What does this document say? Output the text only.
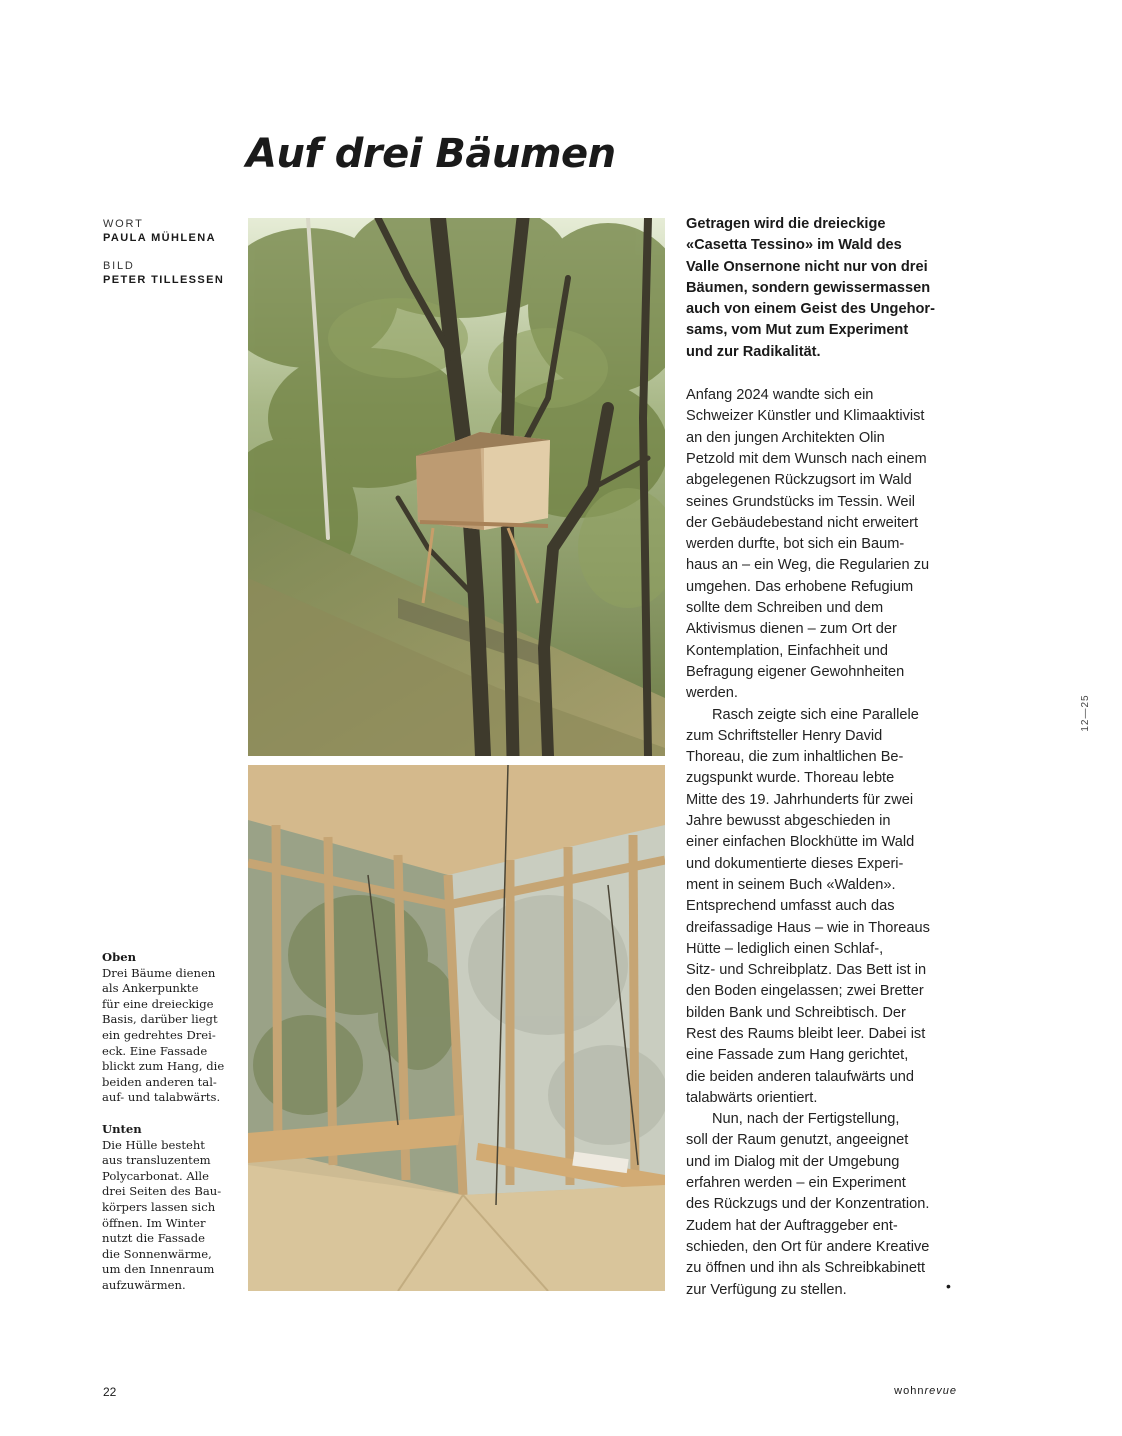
Auf drei Bäumen
WORT
PAULA MÜHLENA
BILD
PETER TILLESSEN
Oben
Drei Bäume dienen
als Ankerpunkte
für eine dreieckige
Basis, darüber liegt
ein gedrehtes Drei-
eck. Eine Fassade
blickt zum Hang, die
beiden anderen tal-
auf- und talabwärts.
Unten
Die Hülle besteht
aus transluzentem
Polycarbonat. Alle
drei Seiten des Bau-
körpers lassen sich
öffnen. Im Winter
nutzt die Fassade
die Sonnenwärme,
um den Innenraum
aufzuwärmen.
Getragen wird die dreieckige
«Casetta Tessino» im Wald des
Valle Onsernone nicht nur von drei
Bäumen, sondern gewissermassen
auch von einem Geist des Ungehor-
sams, vom Mut zum Experiment
und zur Radikalität.
Anfang 2024 wandte sich ein
Schweizer Künstler und Klimaaktivist
an den jungen Architekten Olin
Petzold mit dem Wunsch nach einem
abgelegenen Rückzugsort im Wald
seines Grundstücks im Tessin. Weil
der Gebäudebestand nicht erweitert
werden durfte, bot sich ein Baum-
haus an – ein Weg, die Regularien zu
umgehen. Das erhobene Refugium
sollte dem Schreiben und dem
Aktivismus dienen – zum Ort der
Kontemplation, Einfachheit und
Befragung eigener Gewohnheiten
werden.
Rasch zeigte sich eine Parallele
zum Schriftsteller Henry David
Thoreau, die zum inhaltlichen Be-
zugspunkt wurde. Thoreau lebte
Mitte des 19. Jahrhunderts für zwei
Jahre bewusst abgeschieden in
einer einfachen Blockhütte im Wald
und dokumentierte dieses Experi-
ment in seinem Buch «Walden».
Entsprechend umfasst auch das
dreifassadige Haus – wie in Thoreaus
Hütte – lediglich einen Schlaf-,
Sitz- und Schreibplatz. Das Bett ist in
den Boden eingelassen; zwei Bretter
bilden Bank und Schreibtisch. Der
Rest des Raums bleibt leer. Dabei ist
eine Fassade zum Hang gerichtet,
die beiden anderen talaufwärts und
talabwärts orientiert.
Nun, nach der Fertigstellung,
soll der Raum genutzt, angeeignet
und im Dialog mit der Umgebung
erfahren werden – ein Experiment
des Rückzugs und der Konzentration.
Zudem hat der Auftraggeber ent-
schieden, den Ort für andere Kreative
zu öffnen und ihn als Schreibkabinett
zur Verfügung zu stellen.	•
12—25
22	wohnrevue
